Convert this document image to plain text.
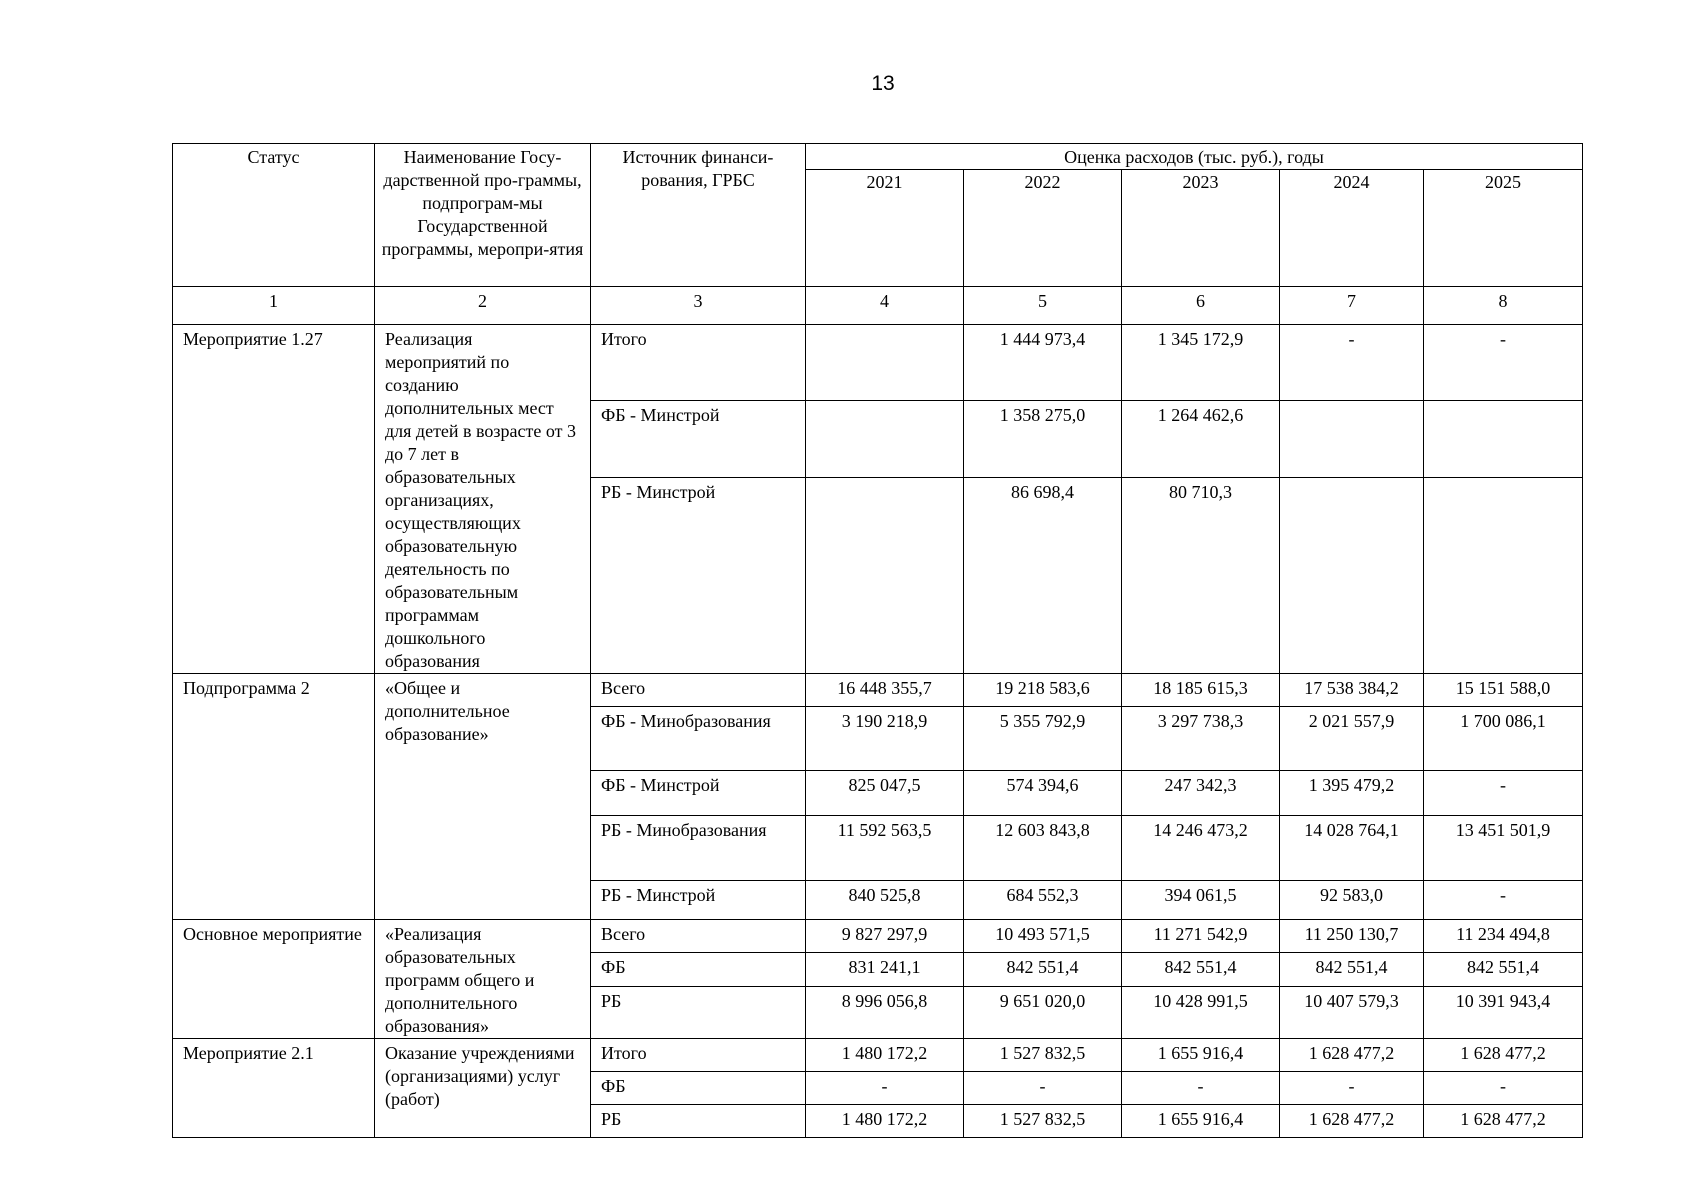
13
Статус	Наименование Госу-дарственной про-граммы, подпрограм-мы Государственной программы, меропри-ятия	Источник финанси-рования, ГРБС	Оценка расходов (тыс. руб.), годы				
			2021	2022	2023	2024	2025
1	2	3	4	5	6	7	8
Мероприятие 1.27	Реализация мероприятий по созданию дополнительных мест для детей в возрасте от 3 до 7 лет в образовательных организациях, осуществляющих образовательную деятельность по образовательным программам дошкольного образования	Итого		1 444 973,4	1 345 172,9	-	-
		ФБ - Минстрой		1 358 275,0	1 264 462,6		
		РБ - Минстрой		86 698,4	80 710,3		
Подпрограмма 2	«Общее и дополнительное образование»	Всего	16 448 355,7	19 218 583,6	18 185 615,3	17 538 384,2	15 151 588,0
		ФБ - Минобразования	3 190 218,9	5 355 792,9	3 297 738,3	2 021 557,9	1 700 086,1
		ФБ - Минстрой	825 047,5	574 394,6	247 342,3	1 395 479,2	-
		РБ - Минобразования	11 592 563,5	12 603 843,8	14 246 473,2	14 028 764,1	13 451 501,9
		РБ - Минстрой	840 525,8	684 552,3	394 061,5	92 583,0	-
Основное мероприятие	«Реализация образовательных программ общего и дополнительного образования»	Всего	9 827 297,9	10 493 571,5	11 271 542,9	11 250 130,7	11 234 494,8
		ФБ	831 241,1	842 551,4	842 551,4	842 551,4	842 551,4
		РБ	8 996 056,8	9 651 020,0	10 428 991,5	10 407 579,3	10 391 943,4
Мероприятие 2.1	Оказание учреждениями (организациями) услуг (работ)	Итого	1 480 172,2	1 527 832,5	1 655 916,4	1 628 477,2	1 628 477,2
		ФБ	-	-	-	-	-
		РБ	1 480 172,2	1 527 832,5	1 655 916,4	1 628 477,2	1 628 477,2
